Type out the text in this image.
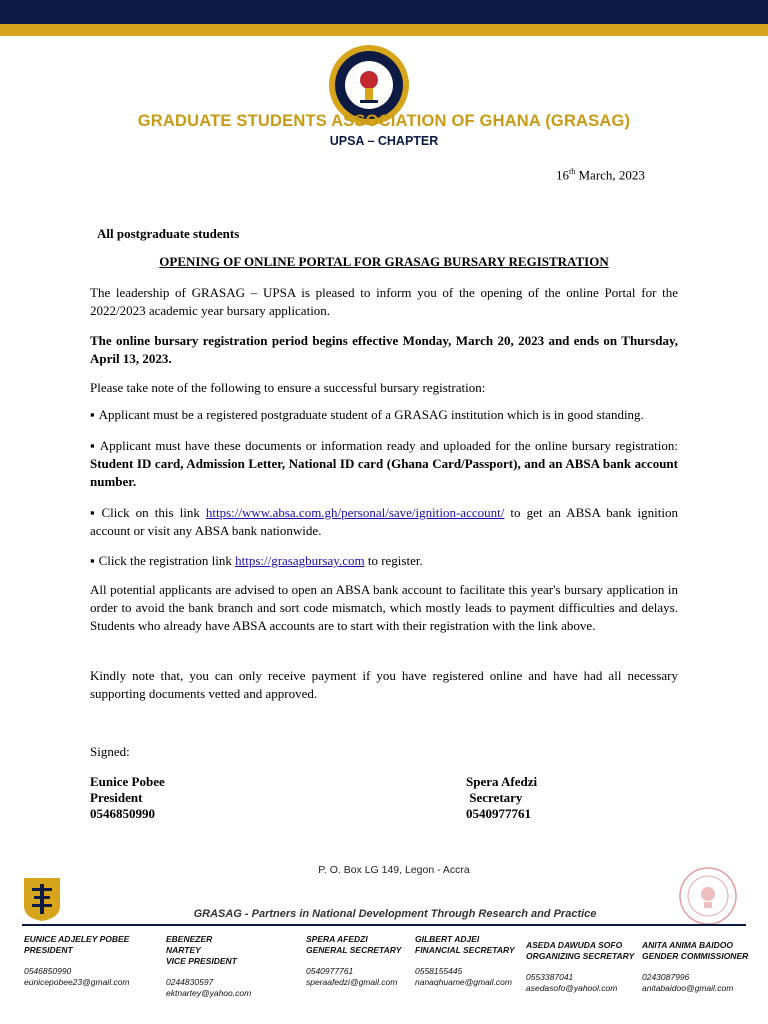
GRADUATE STUDENTS ASSOCIATION OF GHANA (GRASAG)
UPSA – CHAPTER
16th March, 2023
All postgraduate students
OPENING OF ONLINE PORTAL FOR GRASAG BURSARY REGISTRATION
The leadership of GRASAG – UPSA is pleased to inform you of the opening of the online Portal for the 2022/2023 academic year bursary application.
The online bursary registration period begins effective Monday, March 20, 2023 and ends on Thursday, April 13, 2023.
Please take note of the following to ensure a successful bursary registration:
▪ Applicant must be a registered postgraduate student of a GRASAG institution which is in good standing.
▪ Applicant must have these documents or information ready and uploaded for the online bursary registration: Student ID card, Admission Letter, National ID card (Ghana Card/Passport), and an ABSA bank account number.
▪ Click on this link https://www.absa.com.gh/personal/save/ignition-account/ to get an ABSA bank ignition account or visit any ABSA bank nationwide.
▪ Click the registration link https://grasagbursay.com to register.
All potential applicants are advised to open an ABSA bank account to facilitate this year's bursary application in order to avoid the bank branch and sort code mismatch, which mostly leads to payment difficulties and delays. Students who already have ABSA accounts are to start with their registration with the link above.
Kindly note that, you can only receive payment if you have registered online and have had all necessary supporting documents vetted and approved.
Signed:
Eunice Pobee
President
0546850990
Spera Afedzi
Secretary
0540977761
P. O. Box LG 149, Legon - Accra
GRASAG - Partners in National Development Through Research and Practice
EUNICE ADJELEY POBEE
PRESIDENT
0546850990
eunicepobee23@gmail.com
EBENEZER NARTEY
VICE PRESIDENT
0244830597
ektnartey@yahoo.com
SPERA AFEDZI
GENERAL SECRETARY
0540977761
speraafedzi@gmail.com
GILBERT ADJEI
FINANCIAL SECRETARY
0558155445
nanaqhuame@gmail.com
ASEDA DAWUDA SOFO
ORGANIZING SECRETARY
0553387041
asedasofo@yahool.com
ANITA ANIMA BAIDOO
GENDER COMMISSIONER
0243087996
anitabaidoo@gmail.com
